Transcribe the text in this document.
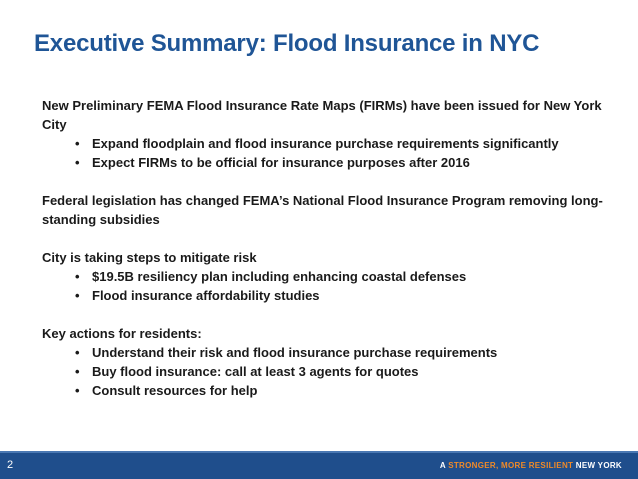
Executive Summary: Flood Insurance in NYC

New Preliminary FEMA Flood Insurance Rate Maps (FIRMs) have been issued for New York City

• Expand floodplain and flood insurance purchase requirements significantly
• Expect FIRMs to be official for insurance purposes after 2016

Federal legislation has changed FEMA’s National Flood Insurance Program removing long-standing subsidies

City is taking steps to mitigate risk

• $19.5B resiliency plan including enhancing coastal defenses
• Flood insurance affordability studies

Key actions for residents:

• Understand their risk and flood insurance purchase requirements
• Buy flood insurance: call at least 3 agents for quotes
• Consult resources for help
2	A STRONGER, MORE RESILIENT NEW YORK
